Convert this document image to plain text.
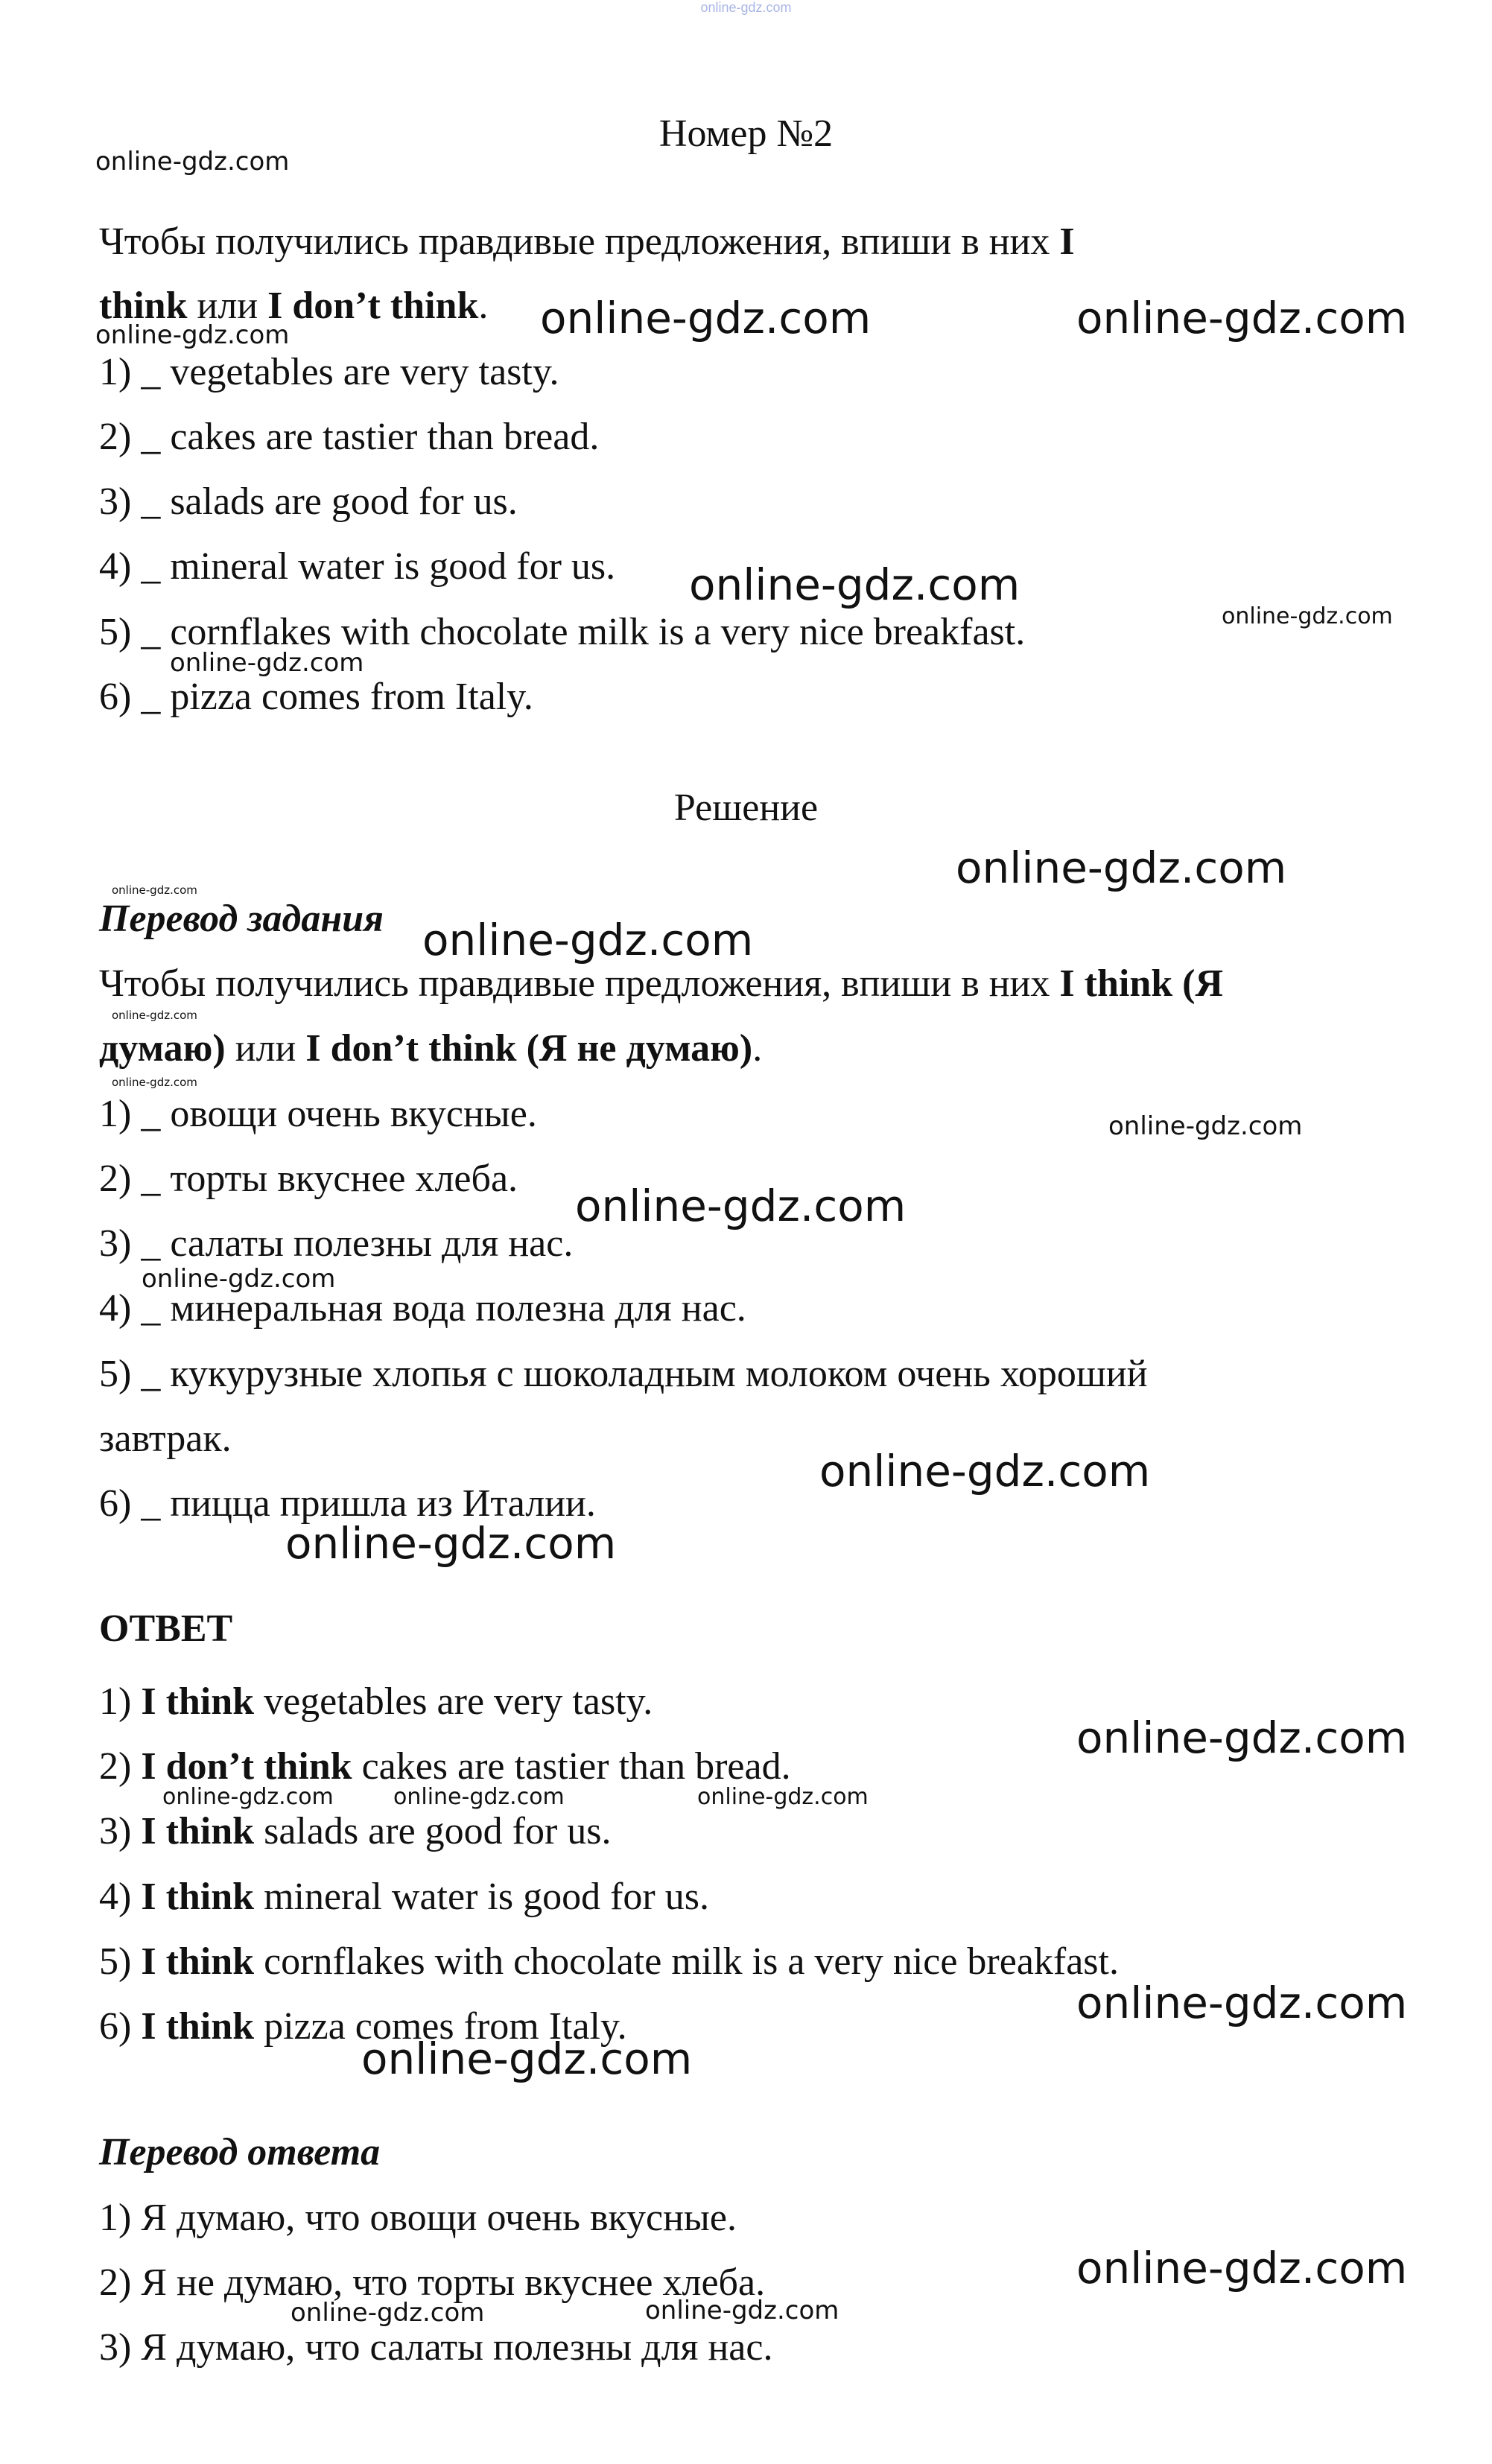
online-gdz.com
Номер №2
Чтобы получились правдивые предложения, впиши в них I
think или I don’t think.
1) _ vegetables are very tasty.
2) _ cakes are tastier than bread.
3) _ salads are good for us.
4) _ mineral water is good for us.
5) _ cornflakes with chocolate milk is a very nice breakfast.
6) _ pizza comes from Italy.
Решение
Перевод задания
Чтобы получились правдивые предложения, впиши в них I think (Я
думаю) или I don’t think (Я не думаю).
1) _ овощи очень вкусные.
2) _ торты вкуснее хлеба.
3) _ салаты полезны для нас.
4) _ минеральная вода полезна для нас.
5) _ кукурузные хлопья с шоколадным молоком очень хороший
завтрак.
6) _ пицца пришла из Италии.
ОТВЕТ
1) I think vegetables are very tasty.
2) I don’t think cakes are tastier than bread.
3) I think salads are good for us.
4) I think mineral water is good for us.
5) I think cornflakes with chocolate milk is a very nice breakfast.
6) I think pizza comes from Italy.
Перевод ответа
1) Я думаю, что овощи очень вкусные.
2) Я не думаю, что торты вкуснее хлеба.
3) Я думаю, что салаты полезны для нас.
online-gdz.com
online-gdz.com	online-gdz.com
online-gdz.com
online-gdz.com
online-gdz.com
online-gdz.com
online-gdz.com
online-gdz.com
online-gdz.com
online-gdz.com
online-gdz.com
online-gdz.com
online-gdz.com
online-gdz.com
online-gdz.com
online-gdz.com
online-gdz.com
online-gdz.com	online-gdz.com	online-gdz.com
online-gdz.com
online-gdz.com
online-gdz.com
online-gdz.com	online-gdz.com
